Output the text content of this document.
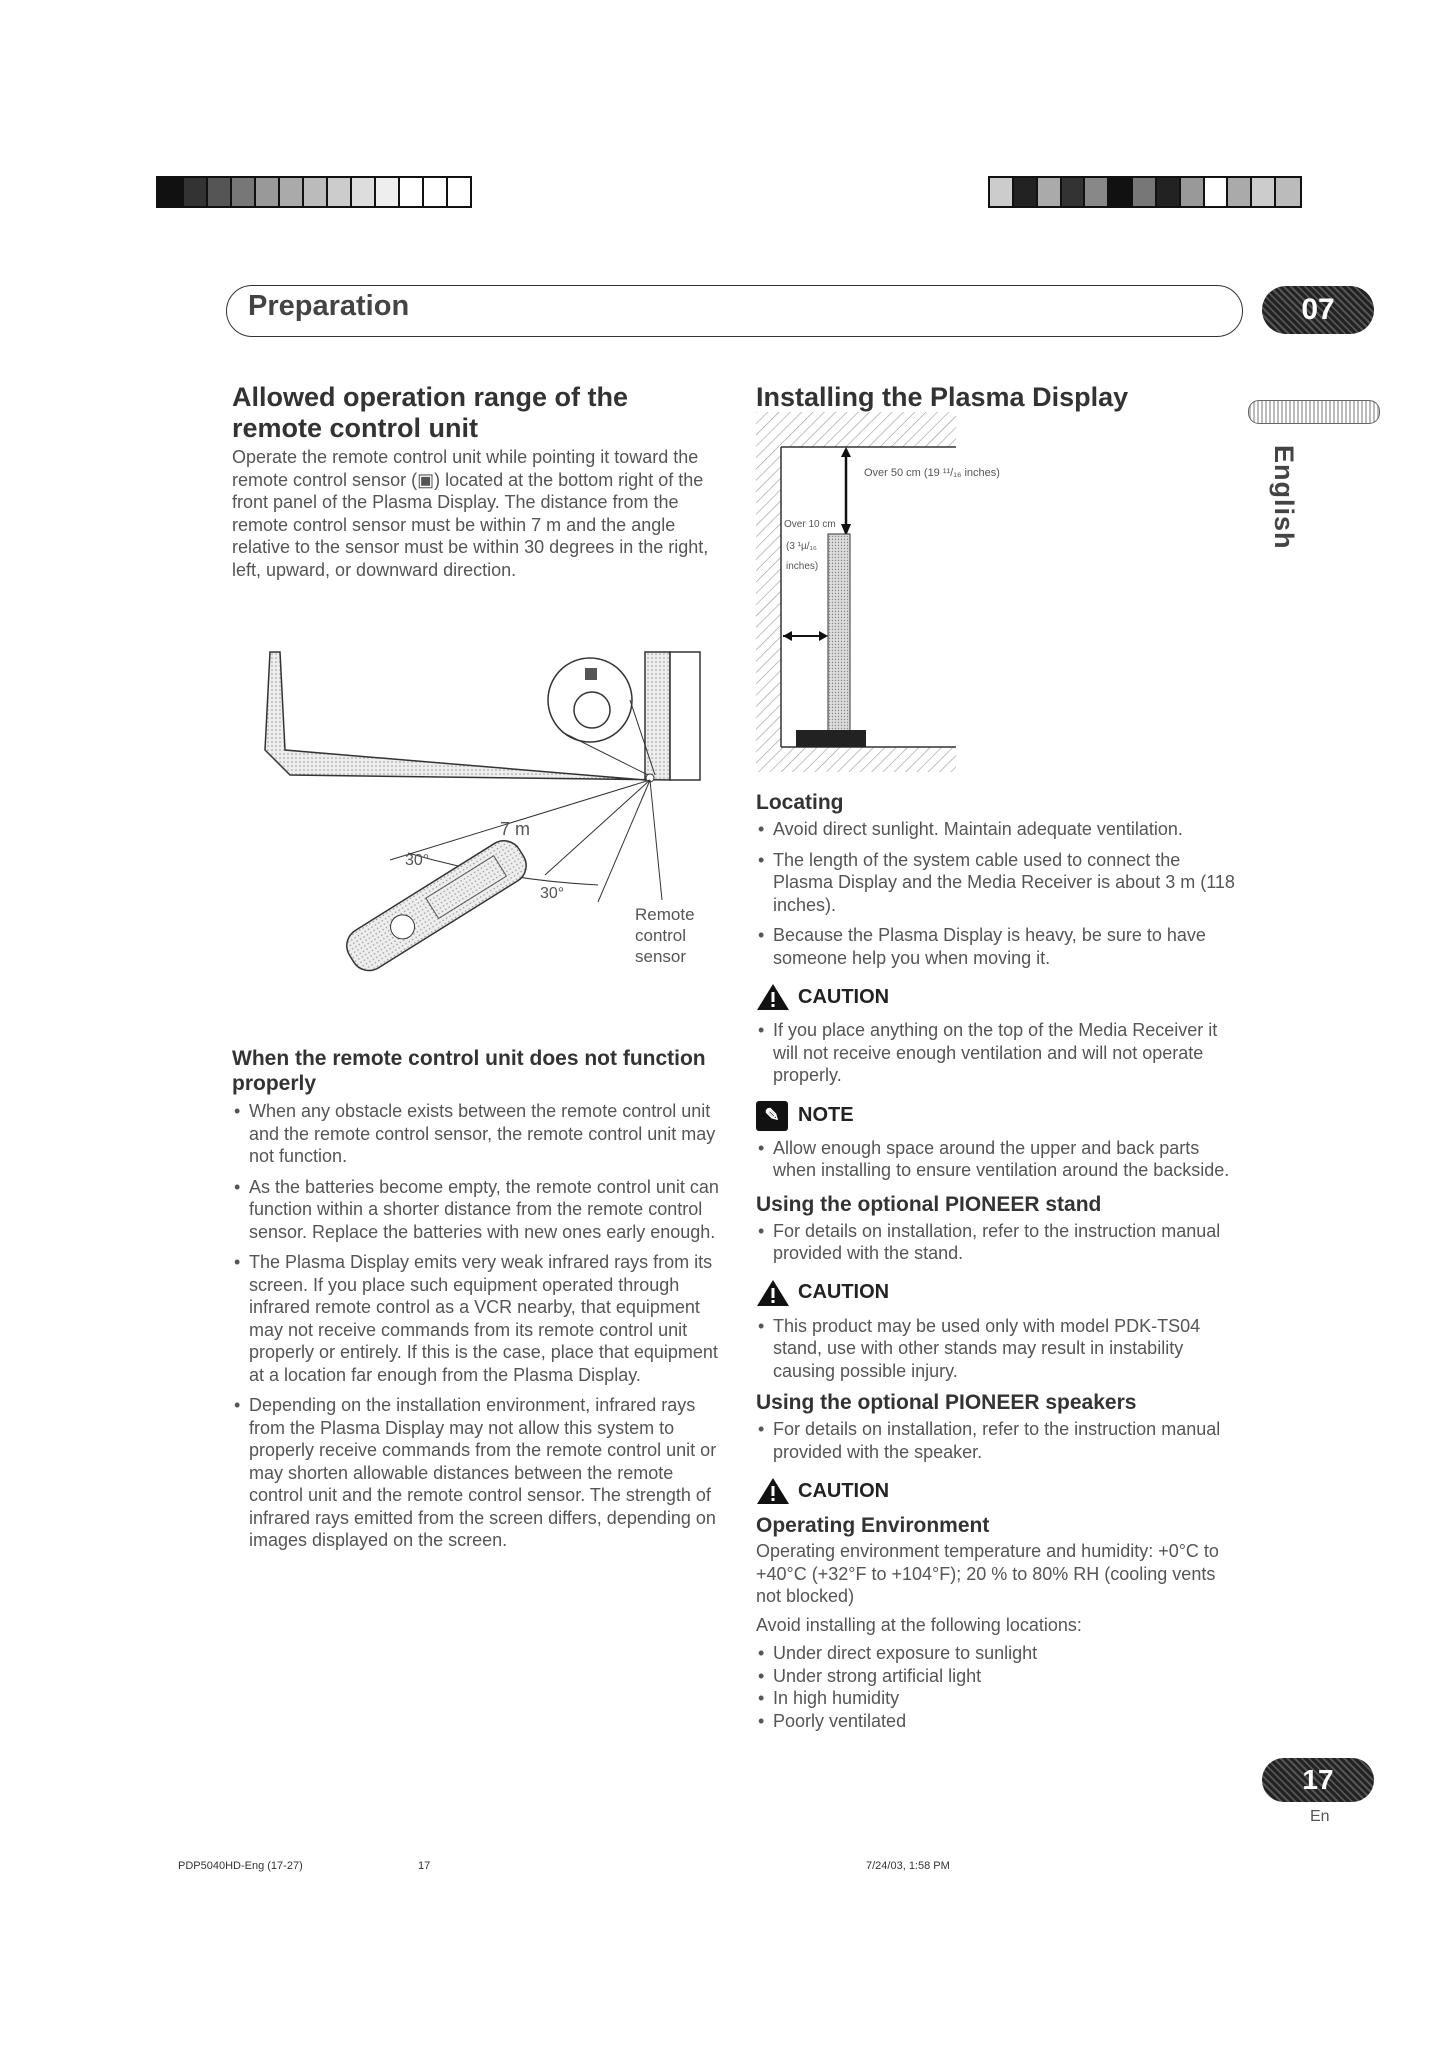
Preparation	07
English
Allowed operation range of the remote control unit

Operate the remote control unit while pointing it toward the remote control sensor (▣) located at the bottom right of the front panel of the Plasma Display. The distance from the remote control sensor must be within 7 m and the angle relative to the sensor must be within 30 degrees in the right, left, upward, or downward direction.

7 m
30°
30°
Remote
control
sensor
When the remote control unit does not function properly
• When any obstacle exists between the remote control unit and the remote control sensor, the remote control unit may not function.
• As the batteries become empty, the remote control unit can function within a shorter distance from the remote control sensor. Replace the batteries with new ones early enough.
• The Plasma Display emits very weak infrared rays from its screen. If you place such equipment operated through infrared remote control as a VCR nearby, that equipment may not receive commands from its remote control unit properly or entirely. If this is the case, place that equipment at a location far enough from the Plasma Display.
• Depending on the installation environment, infrared rays from the Plasma Display may not allow this system to properly receive commands from the remote control unit or may shorten allowable distances between the remote control unit and the remote control sensor. The strength of infrared rays emitted from the screen differs, depending on images displayed on the screen.
Installing the Plasma Display
Over 10 cm
(3 ¹µ/₁₆
inches)
Over 50 cm (19 ¹¹/₁₆ inches)
Locating
• Avoid direct sunlight. Maintain adequate ventilation.
• The length of the system cable used to connect the Plasma Display and the Media Receiver is about 3 m (118 inches).
• Because the Plasma Display is heavy, be sure to have someone help you when moving it.
CAUTION
• If you place anything on the top of the Media Receiver it will not receive enough ventilation and will not operate properly.
✎ NOTE
• Allow enough space around the upper and back parts when installing to ensure ventilation around the backside.
Using the optional PIONEER stand
• For details on installation, refer to the instruction manual provided with the stand.
CAUTION
• This product may be used only with model PDK-TS04 stand, use with other stands may result in instability causing possible injury.
Using the optional PIONEER speakers
• For details on installation, refer to the instruction manual provided with the speaker.
CAUTION
Operating Environment

Operating environment temperature and humidity: +0°C to +40°C (+32°F to +104°F); 20 % to 80% RH (cooling vents not blocked)

Avoid installing at the following locations:

• Under direct exposure to sunlight
• Under strong artificial light
• In high humidity
• Poorly ventilated
17
En
PDP5040HD-Eng (17-27)	17	7/24/03, 1:58 PM
